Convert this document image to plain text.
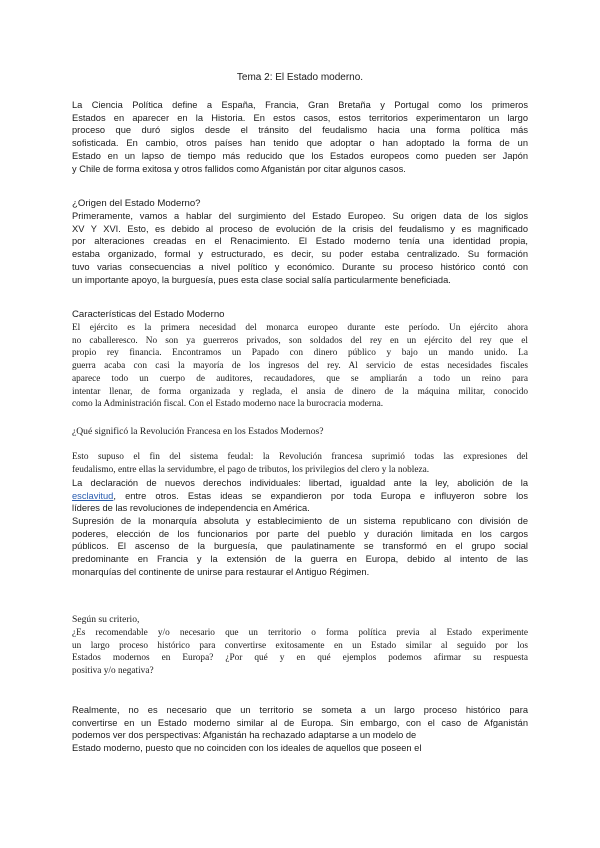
Tema 2: El Estado moderno.
La Ciencia Política define a España, Francia, Gran Bretaña y Portugal como los primeros
Estados en aparecer en la Historia. En estos casos, estos territorios experimentaron un largo
proceso que duró siglos desde el tránsito del feudalismo hacia una forma política más
sofisticada. En cambio, otros países han tenido que adoptar o han adoptado la forma de un
Estado en un lapso de tiempo más reducido que los Estados europeos como pueden ser Japón
y Chile de forma exitosa y otros fallidos como Afganistán por citar algunos casos.
¿Origen del Estado Moderno?
Primeramente, vamos a hablar del surgimiento del Estado Europeo. Su origen data de los siglos
XV Y XVI. Esto, es debido al proceso de evolución de la crisis del feudalismo y es magnificado
por alteraciones creadas en el Renacimiento. El Estado moderno tenía una identidad propia,
estaba organizado, formal y estructurado, es decir, su poder estaba centralizado. Su formación
tuvo varias consecuencias a nivel político y económico. Durante su proceso histórico contó con
un importante apoyo, la burguesía, pues esta clase social salía particularmente beneficiada.
Características del Estado Moderno
El ejército es la primera necesidad del monarca europeo durante este período. Un ejército ahora
no caballeresco. No son ya guerreros privados, son soldados del rey en un ejército del rey que el
propio rey financia. Encontramos un Papado con dinero público y bajo un mando unido. La
guerra acaba con casi la mayoría de los ingresos del rey. Al servicio de estas necesidades fiscales
aparece todo un cuerpo de auditores, recaudadores, que se ampliarán a todo un reino para
intentar llenar, de forma organizada y reglada, el ansia de dinero de la máquina militar, conocido
como la Administración fiscal. Con el Estado moderno nace la burocracia moderna.
¿Qué significó la Revolución Francesa en los Estados Modernos?
Esto supuso el fin del sistema feudal: la Revolución francesa suprimió todas las expresiones del
feudalismo, entre ellas la servidumbre, el pago de tributos, los privilegios del clero y la nobleza.
La declaración de nuevos derechos individuales: libertad, igualdad ante la ley, abolición de la
esclavitud, entre otros. Estas ideas se expandieron por toda Europa e influyeron sobre los
líderes de las revoluciones de independencia en América.
Supresión de la monarquía absoluta y establecimiento de un sistema republicano con división de
poderes, elección de los funcionarios por parte del pueblo y duración limitada en los cargos
públicos. El ascenso de la burguesía, que paulatinamente se transformó en el grupo social
predominante en Francia y la extensión de la guerra en Europa, debido al intento de las
monarquías del continente de unirse para restaurar el Antiguo Régimen.
Según su criterio,
¿Es recomendable y/o necesario que un territorio o forma política previa al Estado experimente
un largo proceso histórico para convertirse exitosamente en un Estado similar al seguido por los
Estados modernos en Europa? ¿Por qué y en qué ejemplos podemos afirmar su respuesta
positiva y/o negativa?
Realmente, no es necesario que un territorio se someta a un largo proceso histórico para
convertirse en un Estado moderno similar al de Europa. Sin embargo, con el caso de Afganistán
podemos ver dos perspectivas: Afganistán ha rechazado adaptarse a un modelo de
Estado moderno, puesto que no coinciden con los ideales de aquellos que poseen el
